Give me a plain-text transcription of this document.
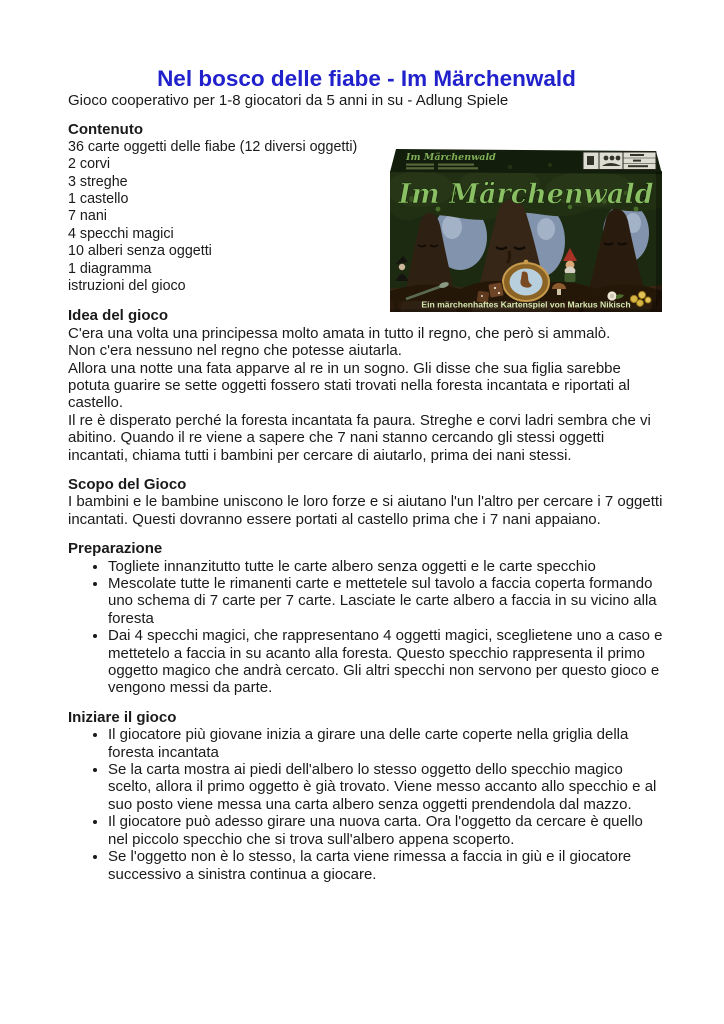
Nel bosco delle fiabe - Im Märchenwald

Gioco cooperativo per 1-8 giocatori da 5 anni in su - Adlung Spiele

Contenuto
36 carte oggetti delle fiabe (12 diversi oggetti)
2 corvi
3 streghe
1 castello
7 nani
4 specchi magici
10 alberi senza oggetti
1 diagramma
istruzioni del gioco
Idea del gioco

C'era una volta una principessa molto amata in tutto il regno, che però si ammalò.

Non c'era nessuno nel regno che potesse aiutarla.

Allora una notte una fata apparve al re in un sogno. Gli disse che sua figlia sarebbe potuta guarire se sette oggetti fossero stati trovati nella foresta incantata e riportati al castello.

Il re è disperato perché la foresta incantata fa paura. Streghe e corvi ladri sembra che vi abitino. Quando il re viene a sapere che 7 nani stanno cercando gli stessi oggetti incantati, chiama tutti i bambini per cercare di aiutarlo, prima dei nani stessi.

Scopo del Gioco

I bambini e le bambine uniscono le loro forze e si aiutano l'un l'altro per cercare i 7 oggetti incantati. Questi dovranno essere portati al castello prima che i 7 nani appaiano.

Preparazione
• Togliete innanzitutto tutte le carte albero senza oggetti e le carte specchio
• Mescolate tutte le rimanenti carte e mettetele sul tavolo a faccia coperta formando uno schema di 7 carte per 7 carte. Lasciate le carte albero a faccia in su vicino alla foresta
• Dai 4 specchi magici, che rappresentano 4 oggetti magici, sceglietene uno a caso e mettetelo a faccia in su acanto alla foresta. Questo specchio rappresenta il primo oggetto magico che andrà cercato. Gli altri specchi non servono per questo gioco e vengono messi da parte.
Iniziare il gioco
• Il giocatore più giovane inizia a girare una delle carte coperte nella griglia della foresta incantata
• Se la carta mostra ai piedi dell'albero lo stesso oggetto dello specchio magico scelto, allora il primo oggetto è già trovato. Viene messo accanto allo specchio e al suo posto viene messa una carta albero senza oggetti prendendola dal mazzo.
• Il giocatore può adesso girare una nuova carta. Ora l'oggetto da cercare è quello nel piccolo specchio che si trova sull'albero appena scoperto.
• Se l'oggetto non è lo stesso, la carta viene rimessa a faccia in giù e il giocatore successivo a sinistra continua a giocare.
Im Märchenwald
Ein märchenhaftes Kartenspiel von Markus Nikisch
Im Märchenwald
